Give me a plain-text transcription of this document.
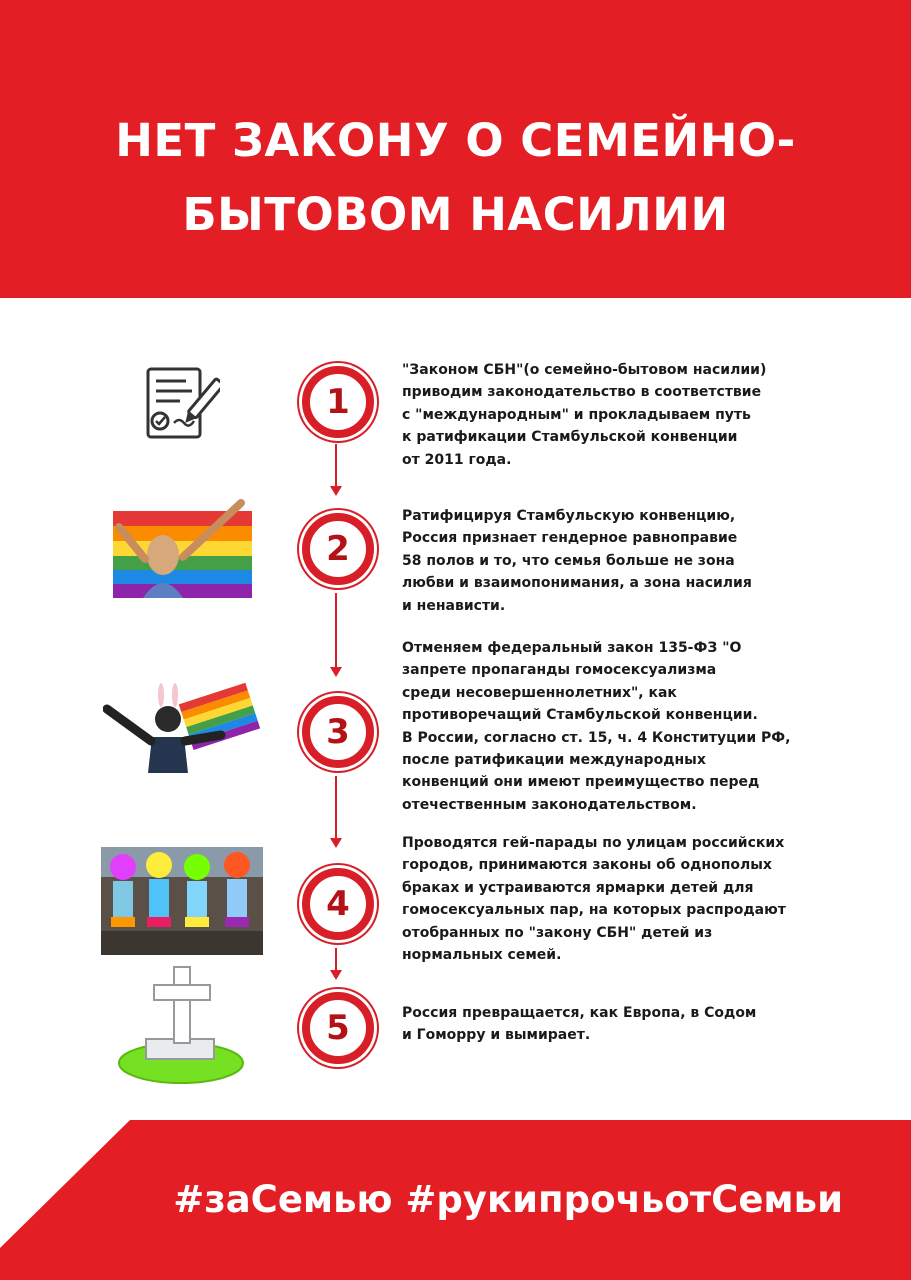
НЕТ ЗАКОНУ О СЕМЕЙНО-
БЫТОВОМ НАСИЛИИ
1
2
3
4
5

"Законом СБН"(о семейно-бытовом насилии)
приводим законодательство в соответствие
с "международным" и прокладываем путь
к ратификации Стамбульской конвенции
от 2011 года.

Ратифицируя Стамбульскую конвенцию,
Россия признает гендерное равноправие
58 полов и то, что семья больше не зона
любви и взаимопонимания, а зона насилия
и ненависти.

Отменяем федеральный закон 135-ФЗ "О
запрете пропаганды гомосексуализма
среди несовершеннолетних", как
противоречащий Стамбульской конвенции.
В России, согласно ст. 15, ч. 4 Конституции РФ,
после ратификации международных
конвенций они имеют преимущество перед
отечественным законодательством.

Проводятся гей-парады по улицам российских
городов, принимаются законы об однополых
браках и устраиваются ярмарки детей для
гомосексуальных пар, на которых распродают
отобранных по "закону СБН" детей из
нормальных семей.

Россия превращается, как Европа, в Содом
и Гоморру и вымирает.

#заСемью #рукипрочьотСемьи
